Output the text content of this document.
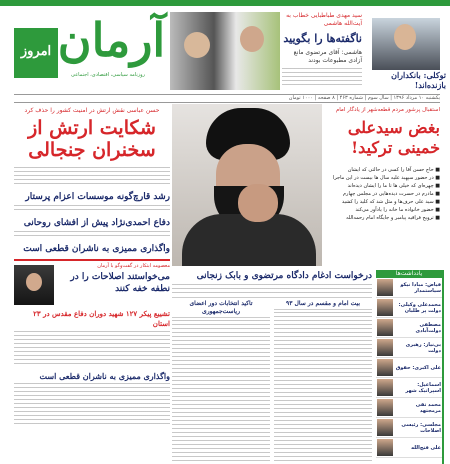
امروز آرمان
روزنامه سیاسی، اقتصادی، اجتماعی
سید مهدی طباطبایی خطاب به آیت‌الله هاشمی
ناگفته‌ها را بگویید
هاشمی: آقای مرتضوی مانع آزادی مطبوعات بودند
توکلی: بانکداران بازنده‌اند!
یکشنبه ۱۰ مرداد ۱۳۹۶ | سال سوم | شماره ۴۶۳ | ۸ صفحه | ۱۰۰۰ تومان
حسن عباسی نقش ارتش در امنیت کشور را حذف کرد
شکایت ارتش از سخنران جنجالی
رشد قارچ‌گونه موسسات اعزام پرستار
دفاع احمدی‌نژاد پیش از افشای روحانی
واگذاری ممیزی به ناشران قطعی است
معصومه ابتکار در گفت‌وگو با آرمان
می‌خواستند اصلاحات را در نطفه خفه کنند
تشییع پیکر ۱۲۷ شهید دوران دفاع مقدس در ۲۳ استان
واگذاری ممیزی به ناشران قطعی است
استقبال پرشور مردم قطعه‌شهر از یادگار امام
بغض سیدعلی خمینی ترکید!
■ حاج حسن آقا را کسی در حالتی که ایشان
■ در حضور سپهبد علیه سال ها بیست در این ماجرا
■ چهره‌ای که خیلی ها تا ما را ایشان دیده‌اند
■ مادرم در حسرت دیده‌هایی در مجلس چهارم
■ سید علی حرف‌ها و مثل شد که کلید را کشید
■ حضور خانواده ما خانه را یادآور می‌کند
■ ترویج فراقیه پیامبر و جایگاه امام رحمه‌الله
درخواست ادغام دادگاه مرتضوی و بابک زنجانی
تاکید انتخابات دور اعضای ریاست‌جمهوری
بیت امام و مقسم در سال ۹۳
یادداشت‌ها
فیاض: مبادا نیکو سیاستمدار
محمدعلی وکیلی: دولت پر طلبان
مصطفی دولت‌آبادی
بی‌نیاز: رهبری دولت
علی اکبری: حقوق
اسماعیل: اسپراتیک شهر
محمد تقی مرمجتهد
مجلسی: رئیسی اصلاحات
علی فتح‌الله
